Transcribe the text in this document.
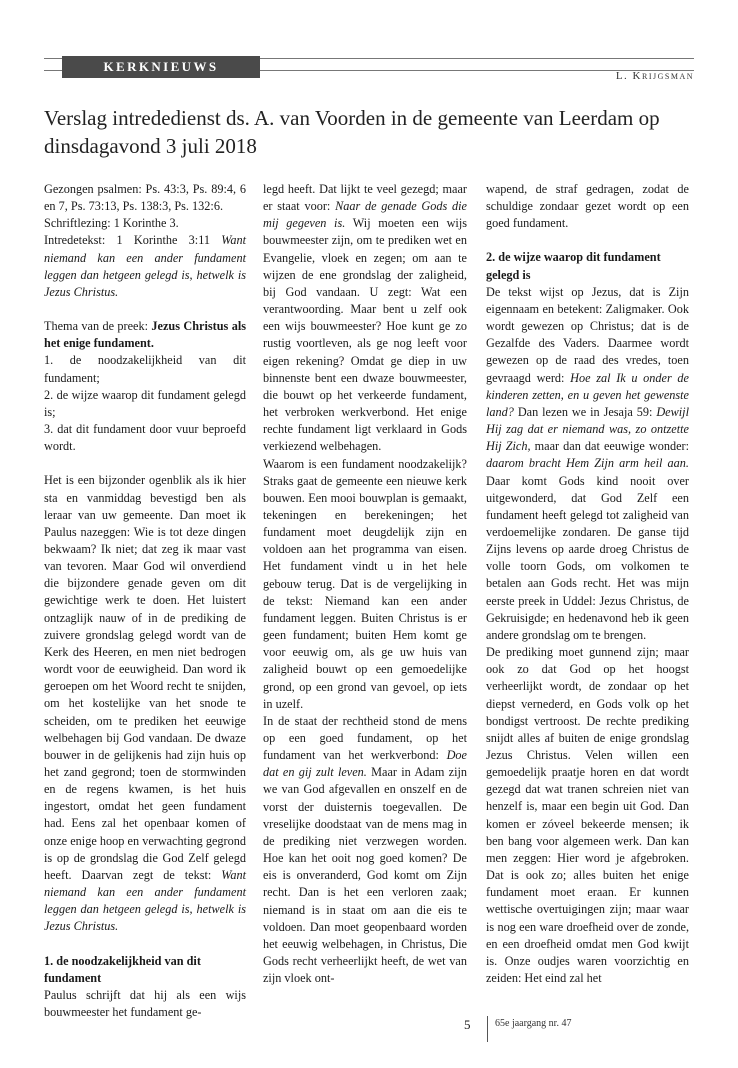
KERKNIEUWS
L. Krijgsman
Verslag intrededienst ds. A. van Voorden in de gemeente van Leerdam op dinsdagavond 3 juli 2018

Gezongen psalmen: Ps. 43:3, Ps. 89:4, 6 en 7, Ps. 73:13, Ps. 138:3, Ps. 132:6.

Schriftlezing: 1 Korinthe 3.

Intredetekst: 1 Korinthe 3:11 Want niemand kan een ander fundament leggen dan hetgeen gelegd is, hetwelk is Jezus Christus.

Thema van de preek: Jezus Christus als het enige fundament.

1. de noodzakelijkheid van dit fundament;

2. de wijze waarop dit fundament gelegd is;

3. dat dit fundament door vuur beproefd wordt.

Het is een bijzonder ogenblik als ik hier sta en vanmiddag bevestigd ben als leraar van uw gemeente. Dan moet ik Paulus nazeggen: Wie is tot deze dingen bekwaam? Ik niet; dat zeg ik maar vast van tevoren. Maar God wil onverdiend die bijzondere genade geven om dit gewichtige werk te doen. Het luistert ontzaglijk nauw of in de prediking de zuivere grondslag gelegd wordt van de Kerk des Heeren, en men niet bedrogen wordt voor de eeuwigheid. Dan word ik geroepen om het Woord recht te snijden, om het kostelijke van het snode te scheiden, om te prediken het eeuwige welbehagen bij God vandaan. De dwaze bouwer in de gelijkenis had zijn huis op het zand gegrond; toen de stormwinden en de regens kwamen, is het huis ingestort, omdat het geen fundament had. Eens zal het openbaar komen of onze enige hoop en verwachting gegrond is op de grondslag die God Zelf gelegd heeft. Daarvan zegt de tekst: Want niemand kan een ander fundament leggen dan hetgeen gelegd is, hetwelk is Jezus Christus.

1. de noodzakelijkheid van dit fundament

Paulus schrijft dat hij als een wijs bouwmeester het fundament ge-

legd heeft. Dat lijkt te veel gezegd; maar er staat voor: Naar de genade Gods die mij gegeven is. Wij moeten een wijs bouwmeester zijn, om te prediken wet en Evangelie, vloek en zegen; om aan te wijzen de ene grondslag der zaligheid, bij God vandaan. U zegt: Wat een verantwoording. Maar bent u zelf ook een wijs bouwmeester? Hoe kunt ge zo rustig voortleven, als ge nog leeft voor eigen rekening? Omdat ge diep in uw binnenste bent een dwaze bouwmeester, die bouwt op het verkeerde fundament, het verbroken werkverbond. Het enige rechte fundament ligt verklaard in Gods verkiezend welbehagen.

Waarom is een fundament noodzakelijk? Straks gaat de gemeente een nieuwe kerk bouwen. Een mooi bouwplan is gemaakt, tekeningen en berekeningen; het fundament moet deugdelijk zijn en voldoen aan het programma van eisen. Het fundament vindt u in het hele gebouw terug. Dat is de vergelijking in de tekst: Niemand kan een ander fundament leggen. Buiten Christus is er geen fundament; buiten Hem komt ge voor eeuwig om, als ge uw huis van zaligheid bouwt op een gemoedelijke grond, op een grond van gevoel, op iets in uzelf.

In de staat der rechtheid stond de mens op een goed fundament, op het fundament van het werkverbond: Doe dat en gij zult leven. Maar in Adam zijn we van God afgevallen en onszelf en de vorst der duisternis toegevallen. De vreselijke doodstaat van de mens mag in de prediking niet verzwegen worden. Hoe kan het ooit nog goed komen? De eis is onveranderd, God komt om Zijn recht. Dan is het een verloren zaak; niemand is in staat om aan die eis te voldoen. Dan moet geopenbaard worden het eeuwig welbehagen, in Christus, Die Gods recht verheerlijkt heeft, de wet van zijn vloek ont-

wapend, de straf gedragen, zodat de schuldige zondaar gezet wordt op een goed fundament.

2. de wijze waarop dit fundament gelegd is

De tekst wijst op Jezus, dat is Zijn eigennaam en betekent: Zaligmaker. Ook wordt gewezen op Christus; dat is de Gezalfde des Vaders. Daarmee wordt gewezen op de raad des vredes, toen gevraagd werd: Hoe zal Ik u onder de kinderen zetten, en u geven het gewenste land? Dan lezen we in Jesaja 59: Dewijl Hij zag dat er niemand was, zo ontzette Hij Zich, maar dan dat eeuwige wonder: daarom bracht Hem Zijn arm heil aan. Daar komt Gods kind nooit over uitgewonderd, dat God Zelf een fundament heeft gelegd tot zaligheid van verdoemelijke zondaren. De ganse tijd Zijns levens op aarde droeg Christus de volle toorn Gods, om volkomen te betalen aan Gods recht. Het was mijn eerste preek in Uddel: Jezus Christus, de Gekruisigde; en hedenavond heb ik geen andere grondslag om te brengen.

De prediking moet gunnend zijn; maar ook zo dat God op het hoogst verheerlijkt wordt, de zondaar op het diepst vernederd, en Gods volk op het bondigst vertroost. De rechte prediking snijdt alles af buiten de enige grondslag Jezus Christus. Velen willen een gemoedelijk praatje horen en dat wordt gezegd dat wat tranen schreien niet van henzelf is, maar een begin uit God. Dan komen er zóveel bekeerde mensen; ik ben bang voor algemeen werk. Dan kan men zeggen: Hier word je afgebroken. Dat is ook zo; alles buiten het enige fundament moet eraan. Er kunnen wettische overtuigingen zijn; maar waar is nog een ware droefheid over de zonde, en een droefheid omdat men God kwijt is. Onze oudjes waren voorzichtig en zeiden: Het eind zal het

5 65e jaargang nr. 47
